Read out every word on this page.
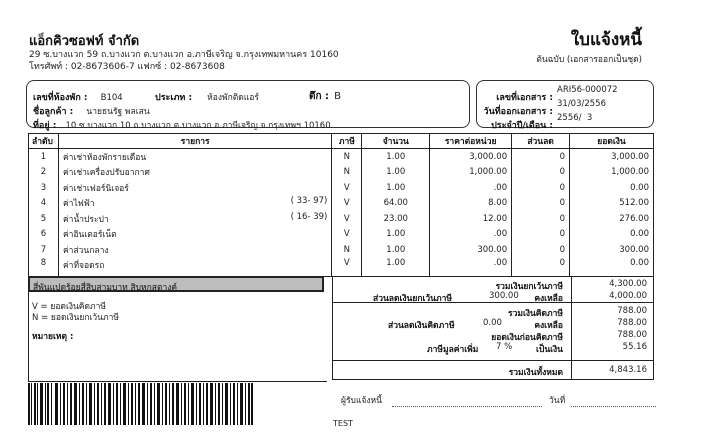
แอ็กคิวซอฟท์ จำกัด
29 ซ.บางแวก 59 ถ.บางแวก ต.บางแวก อ.ภาษีเจริญ จ.กรุงเทพมหานคร 10160
โทรศัพท์ : 02-8673606-7 แฟกซ์ : 02-8673608
ใบแจ้งหนี้
ต้นฉบับ (เอกสารออกเป็นชุด)
เลขที่ห้องพัก : B104	ประเภท : ห้องพักติดแอร์	ตึก : B
ชื่อลูกค้า : นายธนรัฐ พลเสน
ที่อยู่ : 10 ซ.บางแวก 10 ถ.บางแวก ต.บางแวก อ.ภาษีเจริญ จ.กรุงเทพฯ 10160
เลขที่เอกสาร :
ARI56-000072
วันที่ออกเอกสาร :
31/03/2556
ประจำปี/เดือน :
2556/  3
ลำดับ	รายการ	ภาษี	จำนวน	ราคาต่อหน่วย	ส่วนลด	ยอดเงิน
1	ค่าเช่าห้องพักรายเดือน	N	1.00	3,000.00	0	3,000.00
2	ค่าเช่าเครื่องปรับอากาศ	N	1.00	1,000.00	0	1,000.00
3	ค่าเช่าเฟอร์นิเจอร์	V	1.00	.00	0	0.00
4	ค่าไฟฟ้า ( 33- 97)	V	64.00	8.00	0	512.00
5	ค่าน้ำประปา ( 16- 39)	V	23.00	12.00	0	276.00
6	ค่าอินเตอร์เน็ต	V	1.00	.00	0	0.00
7	ค่าส่วนกลาง	N	1.00	300.00	0	300.00
8	ค่าที่จอดรถ	V	1.00	.00	0	0.00
V = ยอดเงินคิดภาษี
N = ยอดเงินยกเว้นภาษี
หมายเหตุ :
สี่พันแปดร้อยสี่สิบสามบาท สิบหกสตางค์	รวมเงินยกเว้นภาษี	4,300.00
ส่วนลดเงินยกเว้นภาษี	300.00 คงเหลือ	4,000.00
รวมเงินคิดภาษี	788.00
ส่วนลดเงินคิดภาษี	0.00	คงเหลือ	788.00
ยอดเงินก่อนคิดภาษี	788.00
ภาษีมูลค่าเพิ่ม 7 %	เป็นเงิน	55.16
รวมเงินทั้งหมด	4,843.16
ผู้รับแจ้งหนี้	วันที่
TEST
